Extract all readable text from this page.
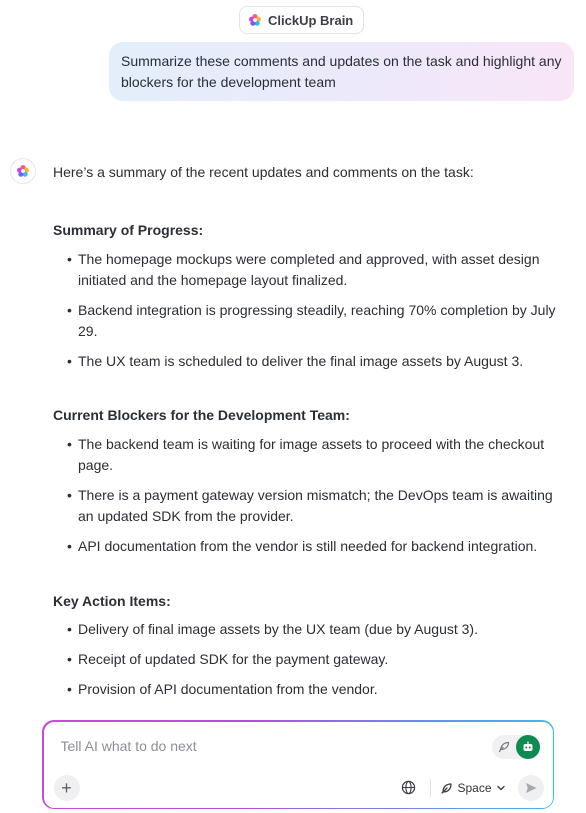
ClickUp Brain
Summarize these comments and updates on the task and highlight any blockers for the development team
Here’s a summary of the recent updates and comments on the task:
Summary of Progress:
• The homepage mockups were completed and approved, with asset design initiated and the homepage layout finalized.
• Backend integration is progressing steadily, reaching 70% completion by July 29.
• The UX team is scheduled to deliver the final image assets by August 3.
Current Blockers for the Development Team:
• The backend team is waiting for image assets to proceed with the checkout page.
• There is a payment gateway version mismatch; the DevOps team is awaiting an updated SDK from the provider.
• API documentation from the vendor is still needed for backend integration.
Key Action Items:
• Delivery of final image assets by the UX team (due by August 3).
• Receipt of updated SDK for the payment gateway.
• Provision of API documentation from the vendor.
Tell AI what to do next
+	Space
